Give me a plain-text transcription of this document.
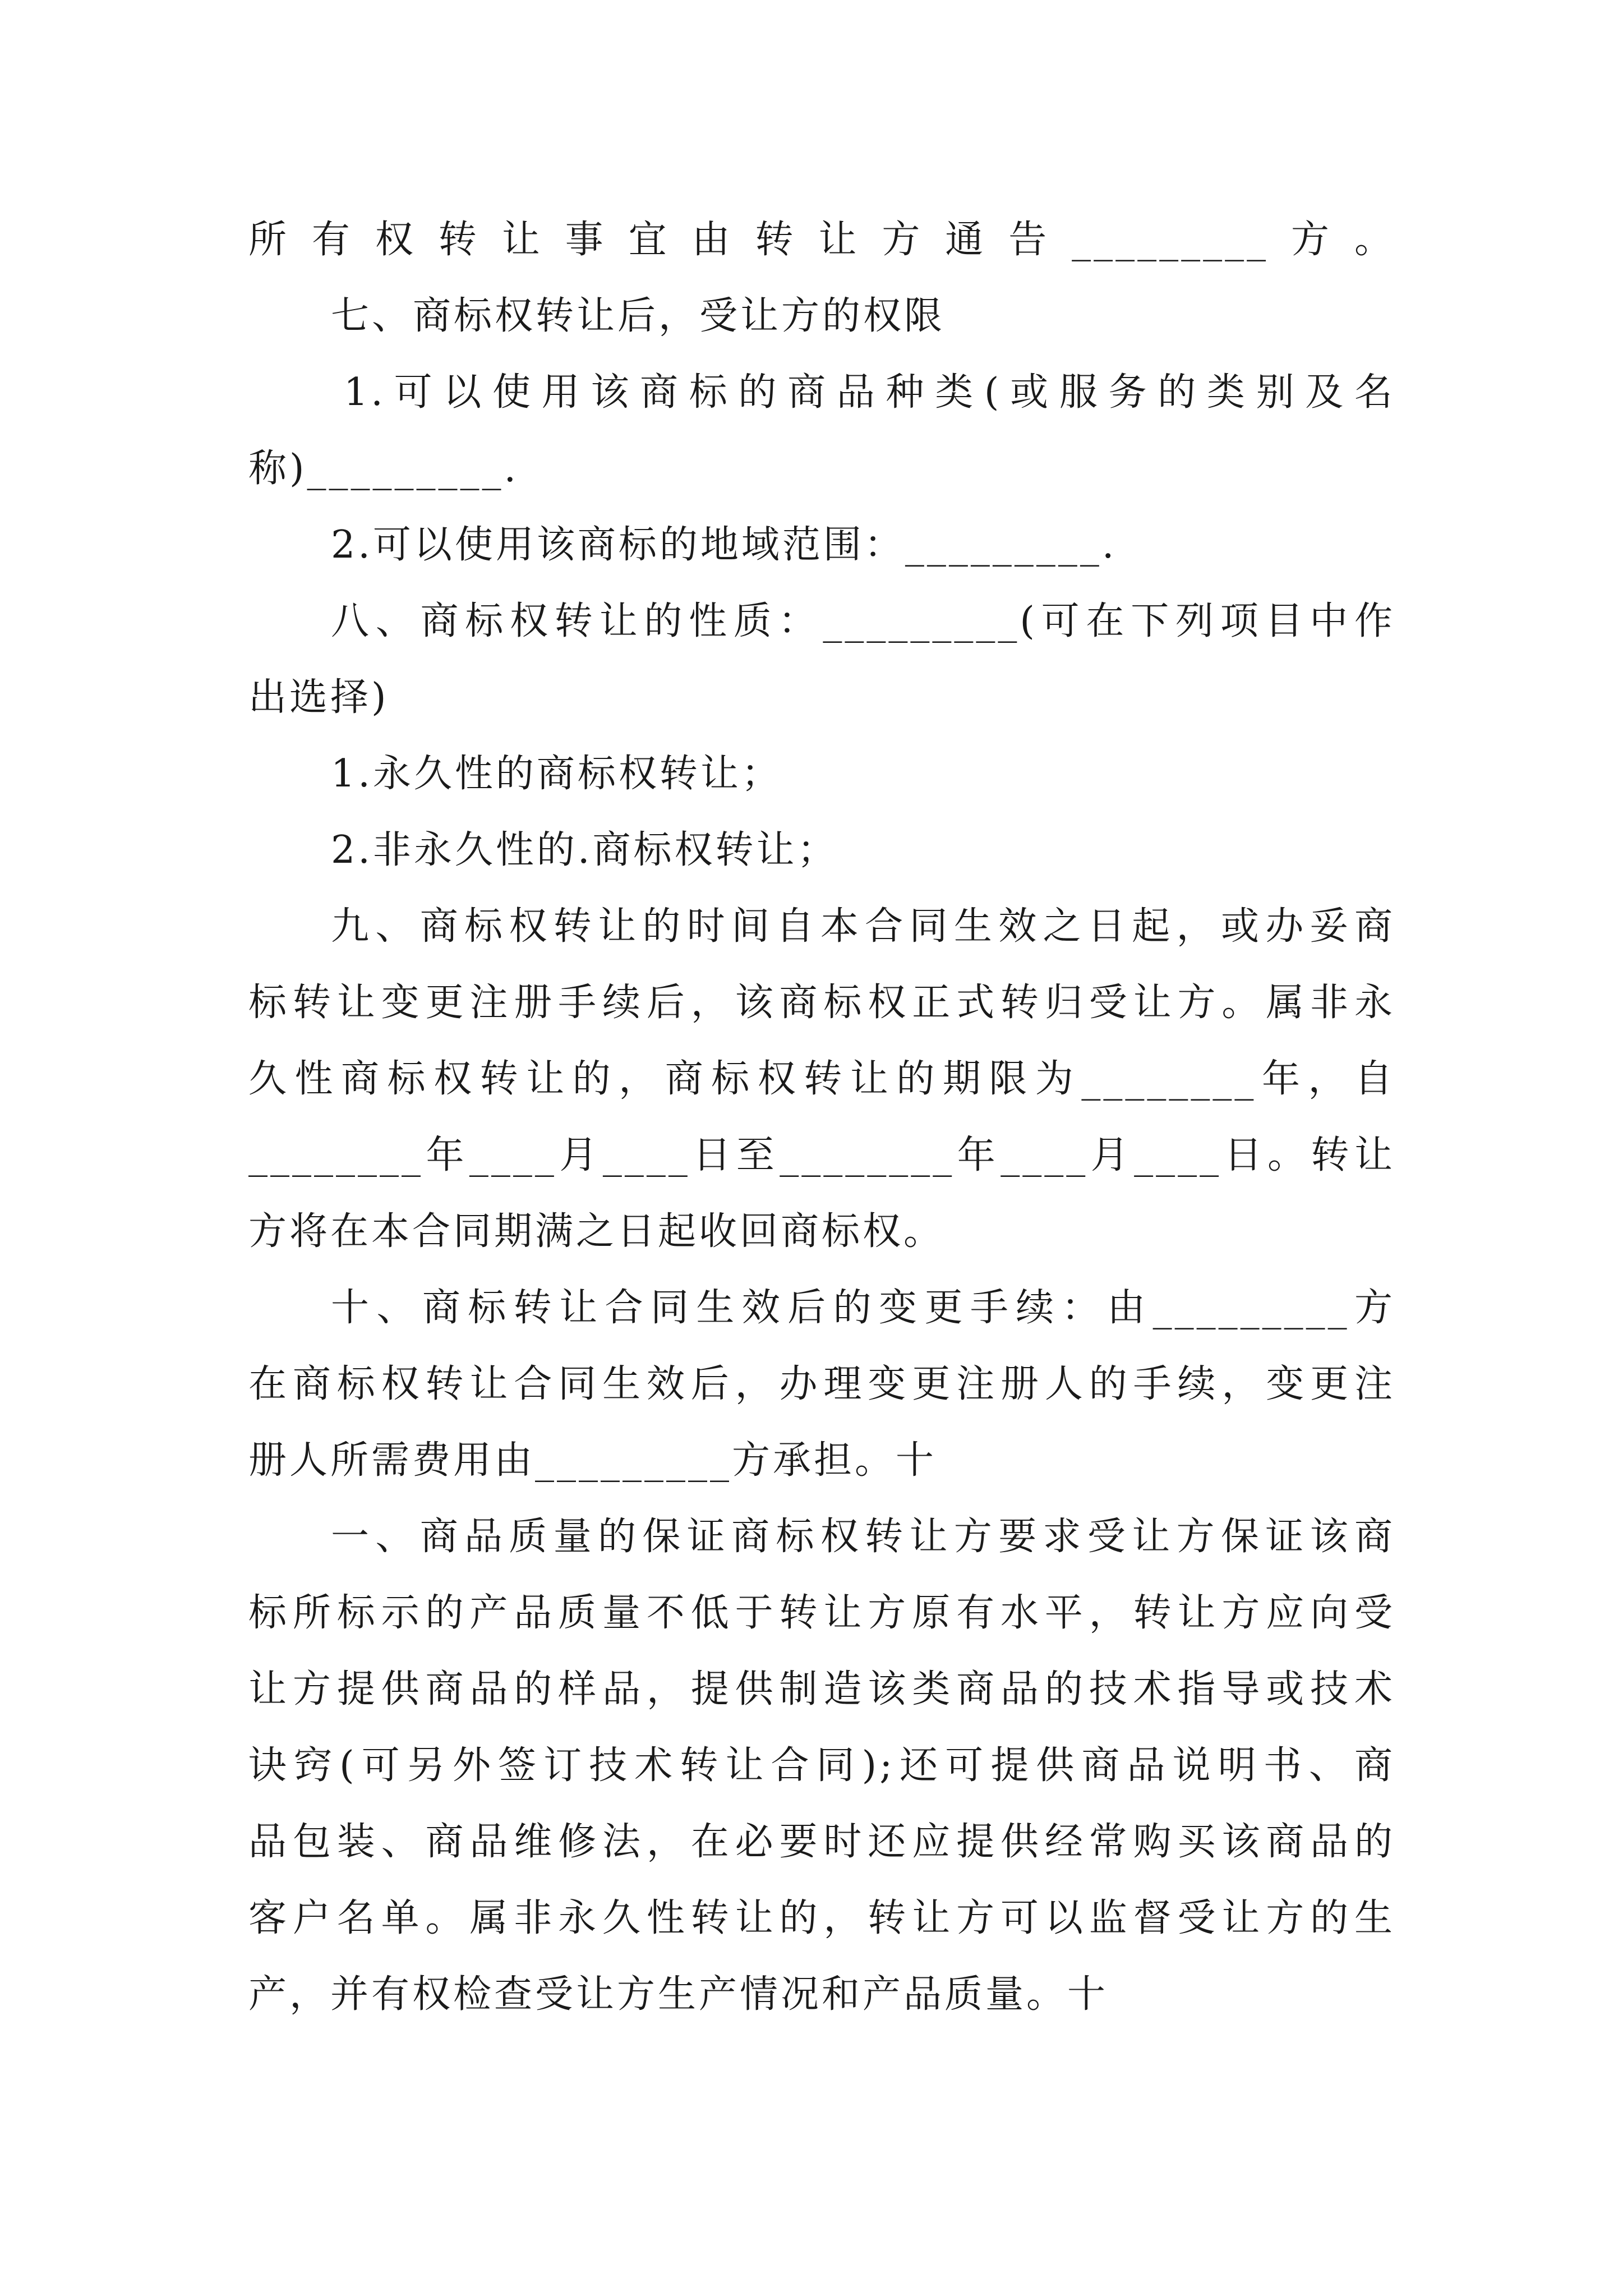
所有权转让事宜由转让方通告_________方。
七、商标权转让后，受让方的权限
1.可以使用该商标的商品种类(或服务的类别及名
称)_________.
2.可以使用该商标的地域范围：_________.
八、商标权转让的性质：_________(可在下列项目中作
出选择)
1.永久性的商标权转让；
2.非永久性的.商标权转让；
九、商标权转让的时间自本合同生效之日起，或办妥商
标转让变更注册手续后，该商标权正式转归受让方。属非永
久性商标权转让的，商标权转让的期限为________年，自
________年____月____日至________年____月____日。转让
方将在本合同期满之日起收回商标权。
十、商标转让合同生效后的变更手续：由_________方
在商标权转让合同生效后，办理变更注册人的手续，变更注
册人所需费用由_________方承担。十
一、商品质量的保证商标权转让方要求受让方保证该商
标所标示的产品质量不低于转让方原有水平，转让方应向受
让方提供商品的样品，提供制造该类商品的技术指导或技术
诀窍(可另外签订技术转让合同);还可提供商品说明书、商
品包装、商品维修法，在必要时还应提供经常购买该商品的
客户名单。属非永久性转让的，转让方可以监督受让方的生
产，并有权检查受让方生产情况和产品质量。十
